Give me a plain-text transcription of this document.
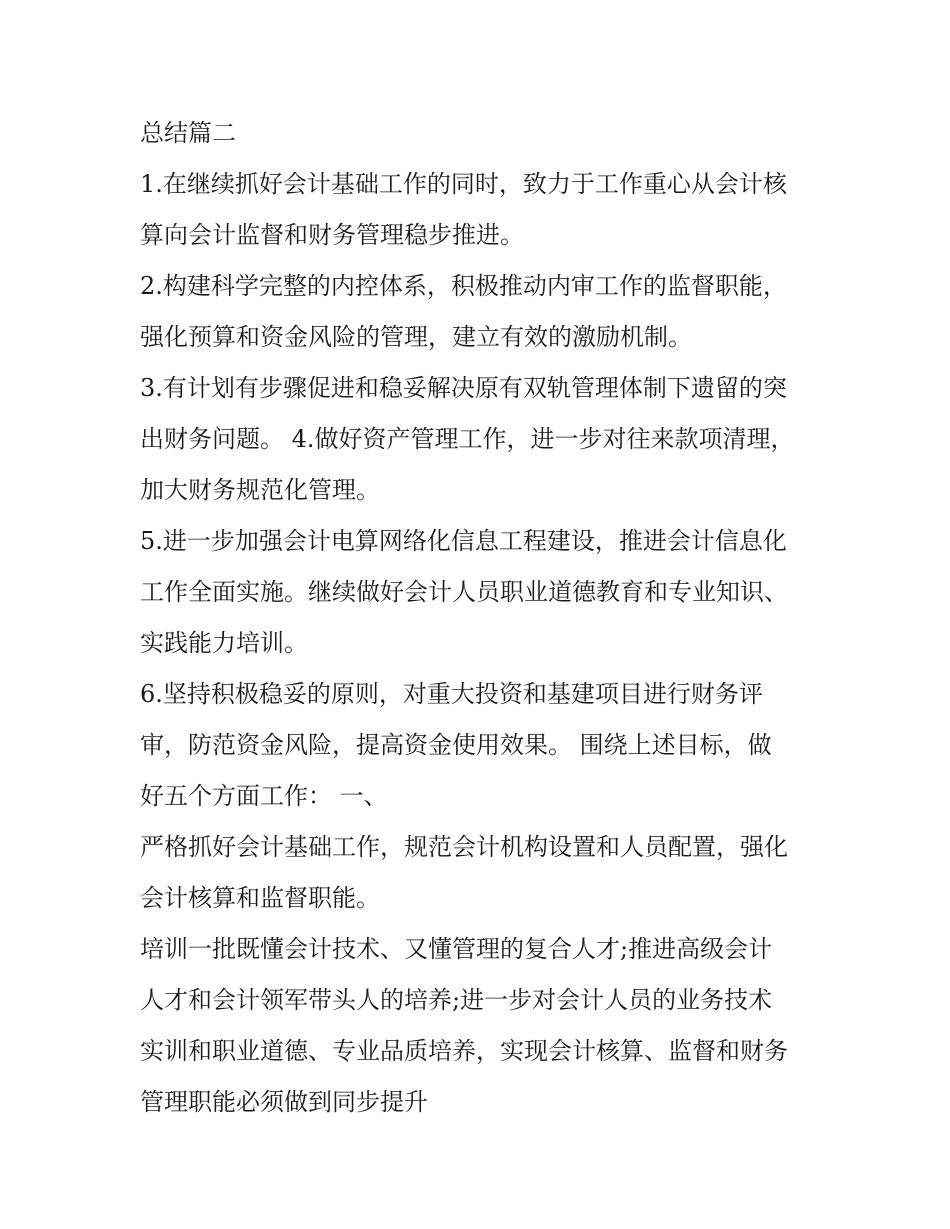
总结篇二
1.在继续抓好会计基础工作的同时，致力于工作重心从会计核
算向会计监督和财务管理稳步推进。
2.构建科学完整的内控体系，积极推动内审工作的监督职能，
强化预算和资金风险的管理，建立有效的激励机制。
3.有计划有步骤促进和稳妥解决原有双轨管理体制下遗留的突
出财务问题。 4.做好资产管理工作，进一步对往来款项清理，
加大财务规范化管理。
5.进一步加强会计电算网络化信息工程建设，推进会计信息化
工作全面实施。继续做好会计人员职业道德教育和专业知识、
实践能力培训。
6.坚持积极稳妥的原则，对重大投资和基建项目进行财务评
审，防范资金风险，提高资金使用效果。 围绕上述目标，做
好五个方面工作： 一、
严格抓好会计基础工作，规范会计机构设置和人员配置，强化
会计核算和监督职能。
培训一批既懂会计技术、又懂管理的复合人才;推进高级会计
人才和会计领军带头人的培养;进一步对会计人员的业务技术
实训和职业道德、专业品质培养，实现会计核算、监督和财务
管理职能必须做到同步提升
